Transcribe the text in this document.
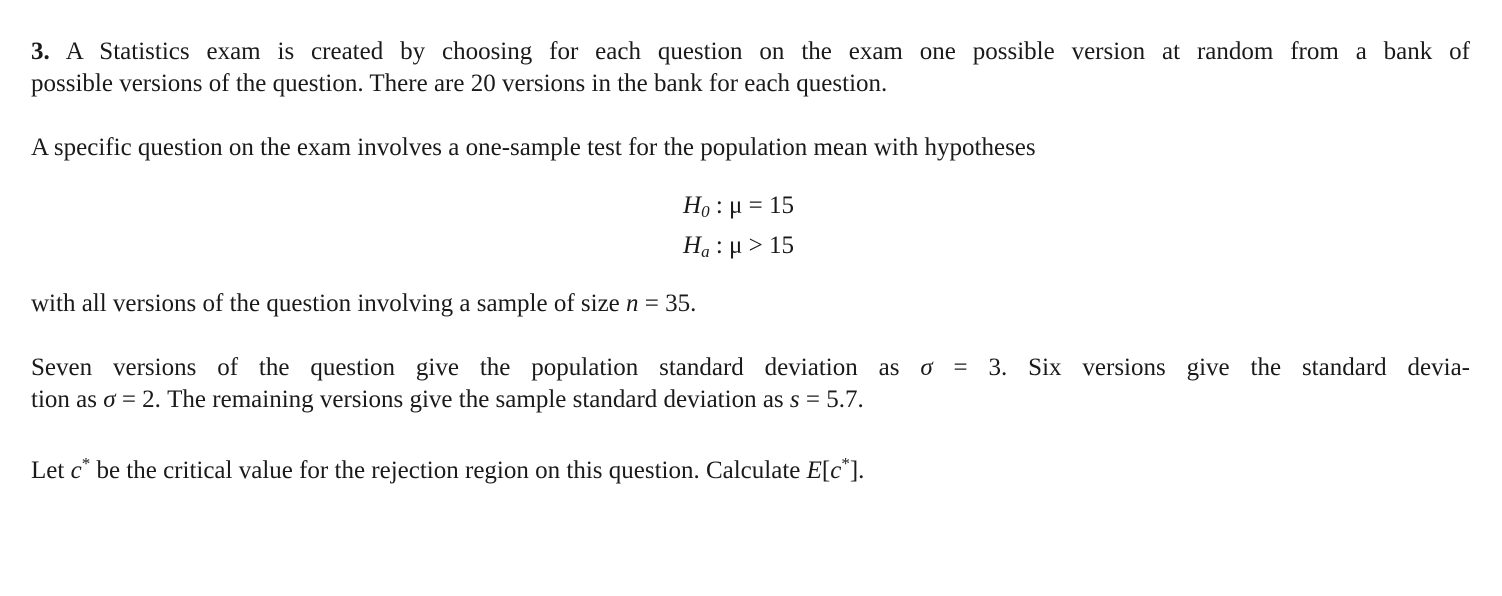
3. A Statistics exam is created by choosing for each question on the exam one possible version at random from a bank of
possible versions of the question. There are 20 versions in the bank for each question.
A specific question on the exam involves a one-sample test for the population mean with hypotheses
$H_0$ : μ = 15
$H_a$ : μ > 15
with all versions of the question involving a sample of size n = 35.
Seven versions of the question give the population standard deviation as σ = 3. Six versions give the standard devia-
tion as σ = 2. The remaining versions give the sample standard deviation as s = 5.7.
Let c* be the critical value for the rejection region on this question. Calculate E[c*].
